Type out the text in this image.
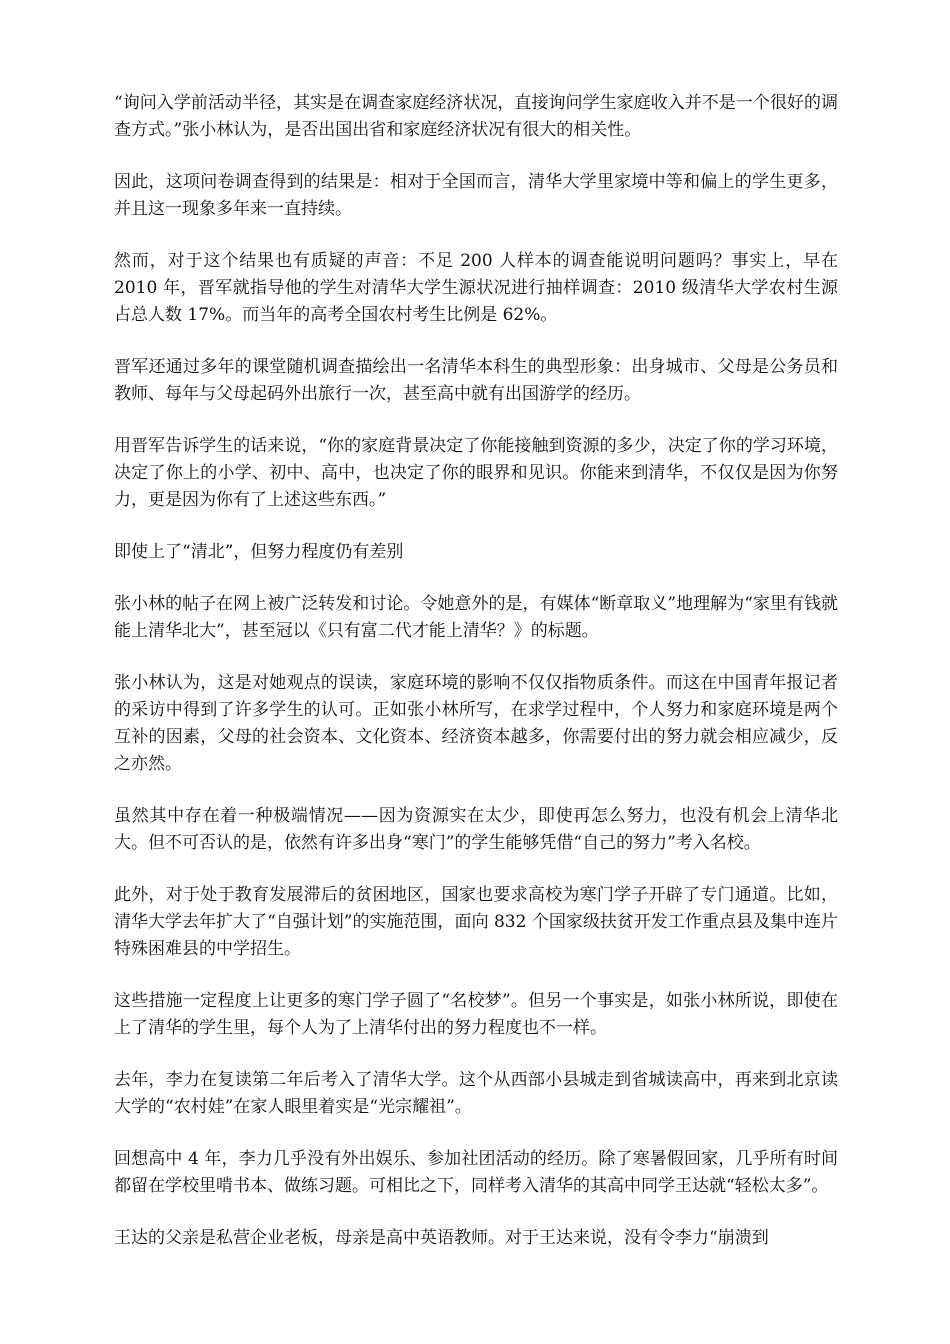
“询问入学前活动半径，其实是在调查家庭经济状况，直接询问学生家庭收入并不是一个很好的调查方式。”张小林认为，是否出国出省和家庭经济状况有很大的相关性。

因此，这项问卷调查得到的结果是：相对于全国而言，清华大学里家境中等和偏上的学生更多，并且这一现象多年来一直持续。

然而，对于这个结果也有质疑的声音：不足 200 人样本的调查能说明问题吗？事实上，早在 2010 年，晋军就指导他的学生对清华大学生源状况进行抽样调查：2010 级清华大学农村生源占总人数 17%。而当年的高考全国农村考生比例是 62%。

晋军还通过多年的课堂随机调查描绘出一名清华本科生的典型形象：出身城市、父母是公务员和教师、每年与父母起码外出旅行一次，甚至高中就有出国游学的经历。

用晋军告诉学生的话来说，“你的家庭背景决定了你能接触到资源的多少，决定了你的学习环境，决定了你上的小学、初中、高中，也决定了你的眼界和见识。你能来到清华，不仅仅是因为你努力，更是因为你有了上述这些东西。”

即使上了“清北”，但努力程度仍有差别

张小林的帖子在网上被广泛转发和讨论。令她意外的是，有媒体“断章取义”地理解为“家里有钱就能上清华北大”，甚至冠以《只有富二代才能上清华？》的标题。

张小林认为，这是对她观点的误读，家庭环境的影响不仅仅指物质条件。而这在中国青年报记者的采访中得到了许多学生的认可。正如张小林所写，在求学过程中，个人努力和家庭环境是两个互补的因素，父母的社会资本、文化资本、经济资本越多，你需要付出的努力就会相应减少，反之亦然。

虽然其中存在着一种极端情况——因为资源实在太少，即使再怎么努力，也没有机会上清华北大。但不可否认的是，依然有许多出身“寒门”的学生能够凭借“自己的努力”考入名校。

此外，对于处于教育发展滞后的贫困地区，国家也要求高校为寒门学子开辟了专门通道。比如，清华大学去年扩大了“自强计划”的实施范围，面向 832 个国家级扶贫开发工作重点县及集中连片特殊困难县的中学招生。

这些措施一定程度上让更多的寒门学子圆了“名校梦”。但另一个事实是，如张小林所说，即使在上了清华的学生里，每个人为了上清华付出的努力程度也不一样。

去年，李力在复读第二年后考入了清华大学。这个从西部小县城走到省城读高中，再来到北京读大学的“农村娃”在家人眼里着实是“光宗耀祖”。

回想高中 4 年，李力几乎没有外出娱乐、参加社团活动的经历。除了寒暑假回家，几乎所有时间都留在学校里啃书本、做练习题。可相比之下，同样考入清华的其高中同学王达就“轻松太多”。

王达的父亲是私营企业老板，母亲是高中英语教师。对于王达来说，没有令李力“崩溃到
